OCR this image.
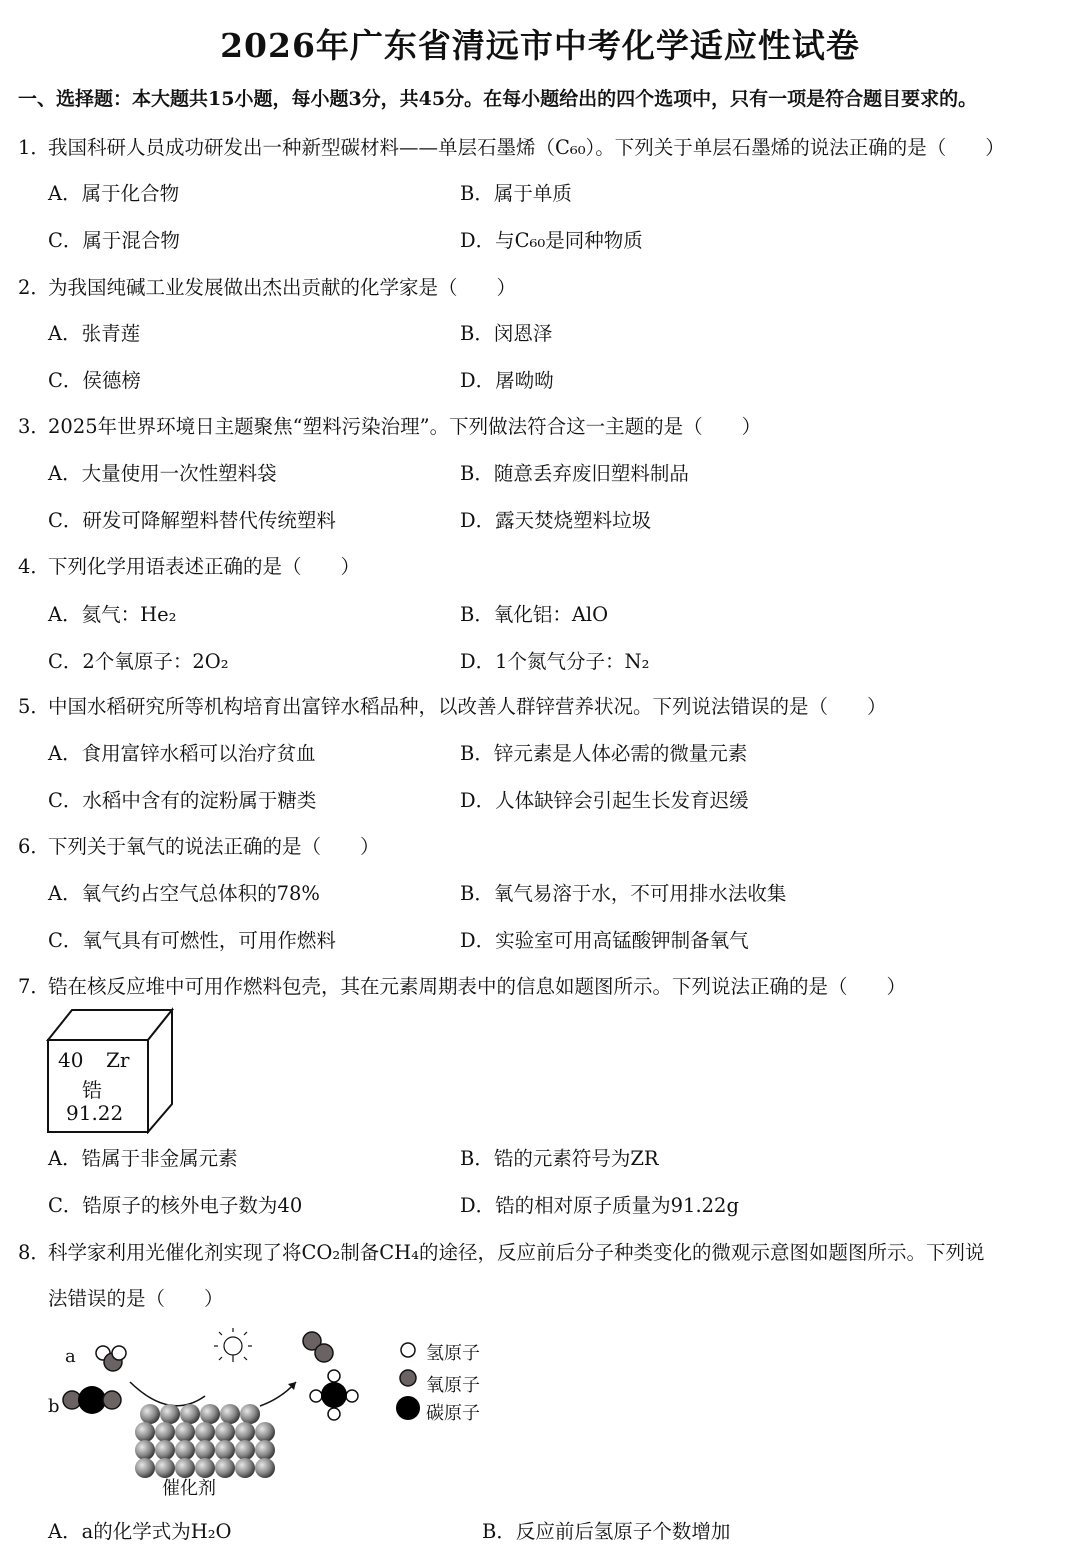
2026年广东省清远市中考化学适应性试卷
一、选择题：本大题共15小题，每小题3分，共45分。在每小题给出的四个选项中，只有一项是符合题目要求的。
1．我国科研人员成功研发出一种新型碳材料——单层石墨烯（C₆₀）。下列关于单层石墨烯的说法正确的是（　　）
A．属于化合物	B．属于单质
C．属于混合物	D．与C₆₀是同种物质
2．为我国纯碱工业发展做出杰出贡献的化学家是（　　）
A．张青莲	B．闵恩泽
C．侯德榜	D．屠呦呦
3．2025年世界环境日主题聚焦“塑料污染治理”。下列做法符合这一主题的是（　　）
A．大量使用一次性塑料袋	B．随意丢弃废旧塑料制品
C．研发可降解塑料替代传统塑料	D．露天焚烧塑料垃圾
4．下列化学用语表述正确的是（　　）
A．氦气：He₂	B．氧化铝：AlO
C．2个氧原子：2O₂	D．1个氮气分子：N₂
5．中国水稻研究所等机构培育出富锌水稻品种，以改善人群锌营养状况。下列说法错误的是（　　）
A．食用富锌水稻可以治疗贫血	B．锌元素是人体必需的微量元素
C．水稻中含有的淀粉属于糖类	D．人体缺锌会引起生长发育迟缓
6．下列关于氧气的说法正确的是（　　）
A．氧气约占空气总体积的78%	B．氧气易溶于水，不可用排水法收集
C．氧气具有可燃性，可用作燃料	D．实验室可用高锰酸钾制备氧气
7．锆在核反应堆中可用作燃料包壳，其在元素周期表中的信息如题图所示。下列说法正确的是（　　）
40 Zr
锆
91.22
A．锆属于非金属元素	B．锆的元素符号为ZR
C．锆原子的核外电子数为40	D．锆的相对原子质量为91.22g
8．科学家利用光催化剂实现了将CO₂制备CH₄的途径，反应前后分子种类变化的微观示意图如题图所示。下列说
法错误的是（　　）
a
b
催化剂
氢原子
氧原子
碳原子
A．a的化学式为H₂O	B．反应前后氢原子个数增加
